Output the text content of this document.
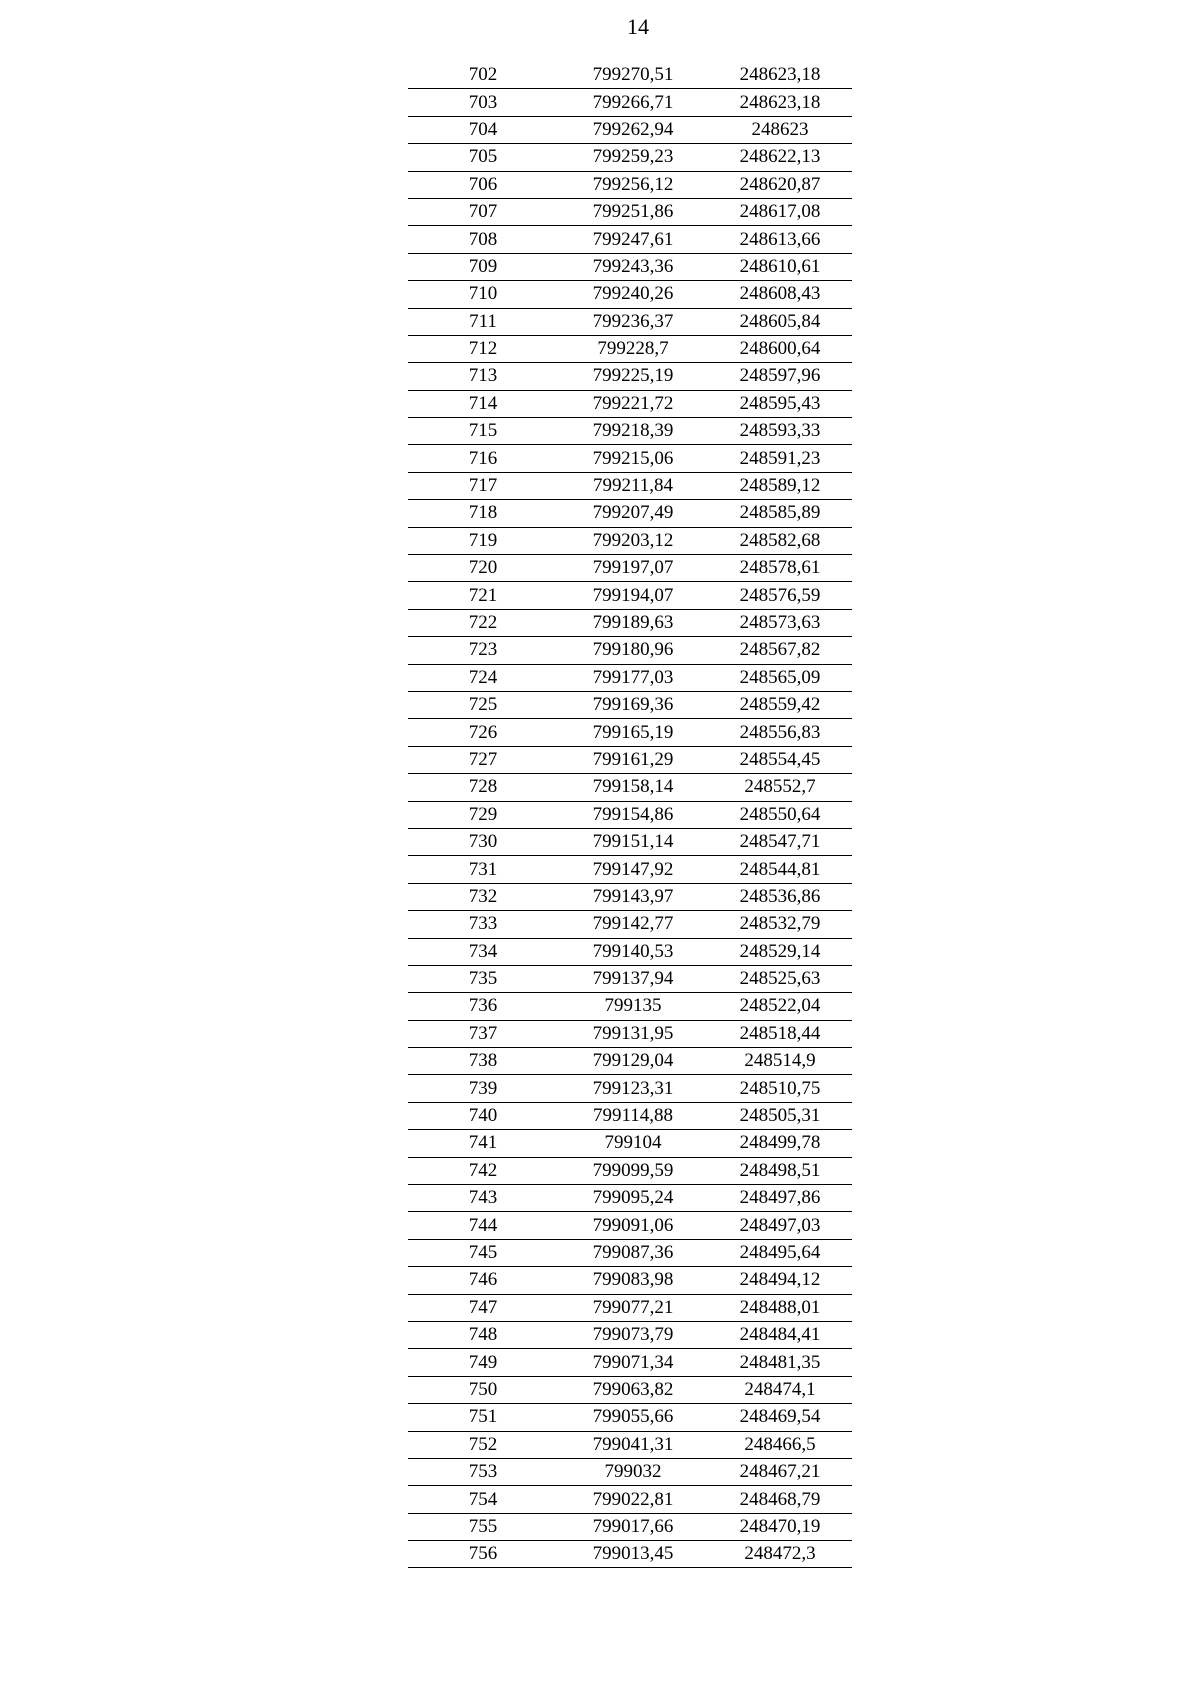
14
702	799270,51	248623,18
703	799266,71	248623,18
704	799262,94	248623
705	799259,23	248622,13
706	799256,12	248620,87
707	799251,86	248617,08
708	799247,61	248613,66
709	799243,36	248610,61
710	799240,26	248608,43
711	799236,37	248605,84
712	799228,7	248600,64
713	799225,19	248597,96
714	799221,72	248595,43
715	799218,39	248593,33
716	799215,06	248591,23
717	799211,84	248589,12
718	799207,49	248585,89
719	799203,12	248582,68
720	799197,07	248578,61
721	799194,07	248576,59
722	799189,63	248573,63
723	799180,96	248567,82
724	799177,03	248565,09
725	799169,36	248559,42
726	799165,19	248556,83
727	799161,29	248554,45
728	799158,14	248552,7
729	799154,86	248550,64
730	799151,14	248547,71
731	799147,92	248544,81
732	799143,97	248536,86
733	799142,77	248532,79
734	799140,53	248529,14
735	799137,94	248525,63
736	799135	248522,04
737	799131,95	248518,44
738	799129,04	248514,9
739	799123,31	248510,75
740	799114,88	248505,31
741	799104	248499,78
742	799099,59	248498,51
743	799095,24	248497,86
744	799091,06	248497,03
745	799087,36	248495,64
746	799083,98	248494,12
747	799077,21	248488,01
748	799073,79	248484,41
749	799071,34	248481,35
750	799063,82	248474,1
751	799055,66	248469,54
752	799041,31	248466,5
753	799032	248467,21
754	799022,81	248468,79
755	799017,66	248470,19
756	799013,45	248472,3
